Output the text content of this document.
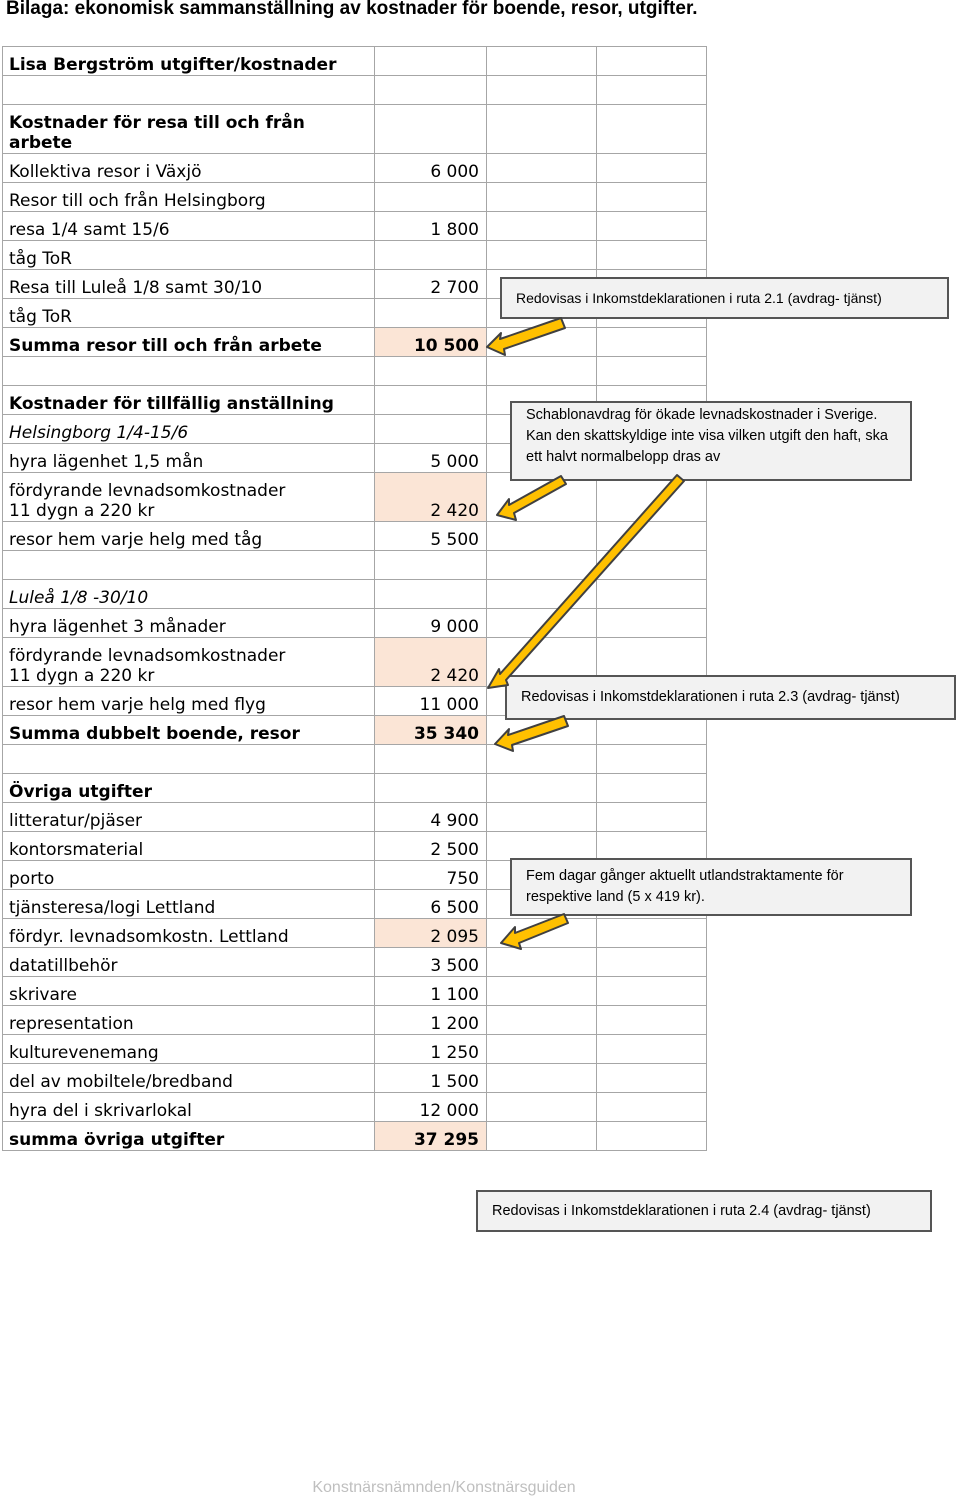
Bilaga: ekonomisk sammanställning av kostnader för boende, resor, utgifter.
Lisa Bergström utgifter/kostnader			

Kostnader för resa till och från arbete			
Kollektiva resor i Växjö	6 000		
Resor till och från Helsingborg			
resa 1/4 samt 15/6	1 800		
tåg ToR			
Resa till Luleå 1/8 samt 30/10	2 700		
tåg ToR			
Summa resor till och från arbete	10 500		

Kostnader för tillfällig anställning			
Helsingborg 1/4-15/6			
hyra lägenhet 1,5 mån	5 000		
fördyrande levnadsomkostnader
11 dygn a 220 kr	2 420		
resor hem varje helg med tåg	5 500		

Luleå 1/8 -30/10			
hyra lägenhet 3 månader	9 000		
fördyrande levnadsomkostnader
11 dygn a 220 kr	2 420		
resor hem varje helg med flyg	11 000		
Summa dubbelt boende, resor	35 340		

Övriga utgifter			
litteratur/pjäser	4 900		
kontorsmaterial	2 500		
porto	750		
tjänsteresa/logi Lettland	6 500		
fördyr. levnadsomkostn. Lettland	2 095		
datatillbehör	3 500		
skrivare	1 100		
representation	1 200		
kulturevenemang	1 250		
del av mobiltele/bredband	1 500		
hyra del i skrivarlokal	12 000		
summa övriga utgifter	37 295		
Redovisas i Inkomstdeklarationen i ruta 2.1 (avdrag- tjänst)
Schablonavdrag för ökade levnadskostnader i Sverige. Kan den skattskyldige inte visa vilken utgift den haft, ska ett halvt normalbelopp dras av
Redovisas i Inkomstdeklarationen i ruta 2.3 (avdrag- tjänst)
Fem dagar gånger aktuellt utlandstraktamente för respektive land (5 x 419 kr).
Redovisas i Inkomstdeklarationen i ruta 2.4 (avdrag- tjänst)
Konstnärsnämnden/Konstnärsguiden
